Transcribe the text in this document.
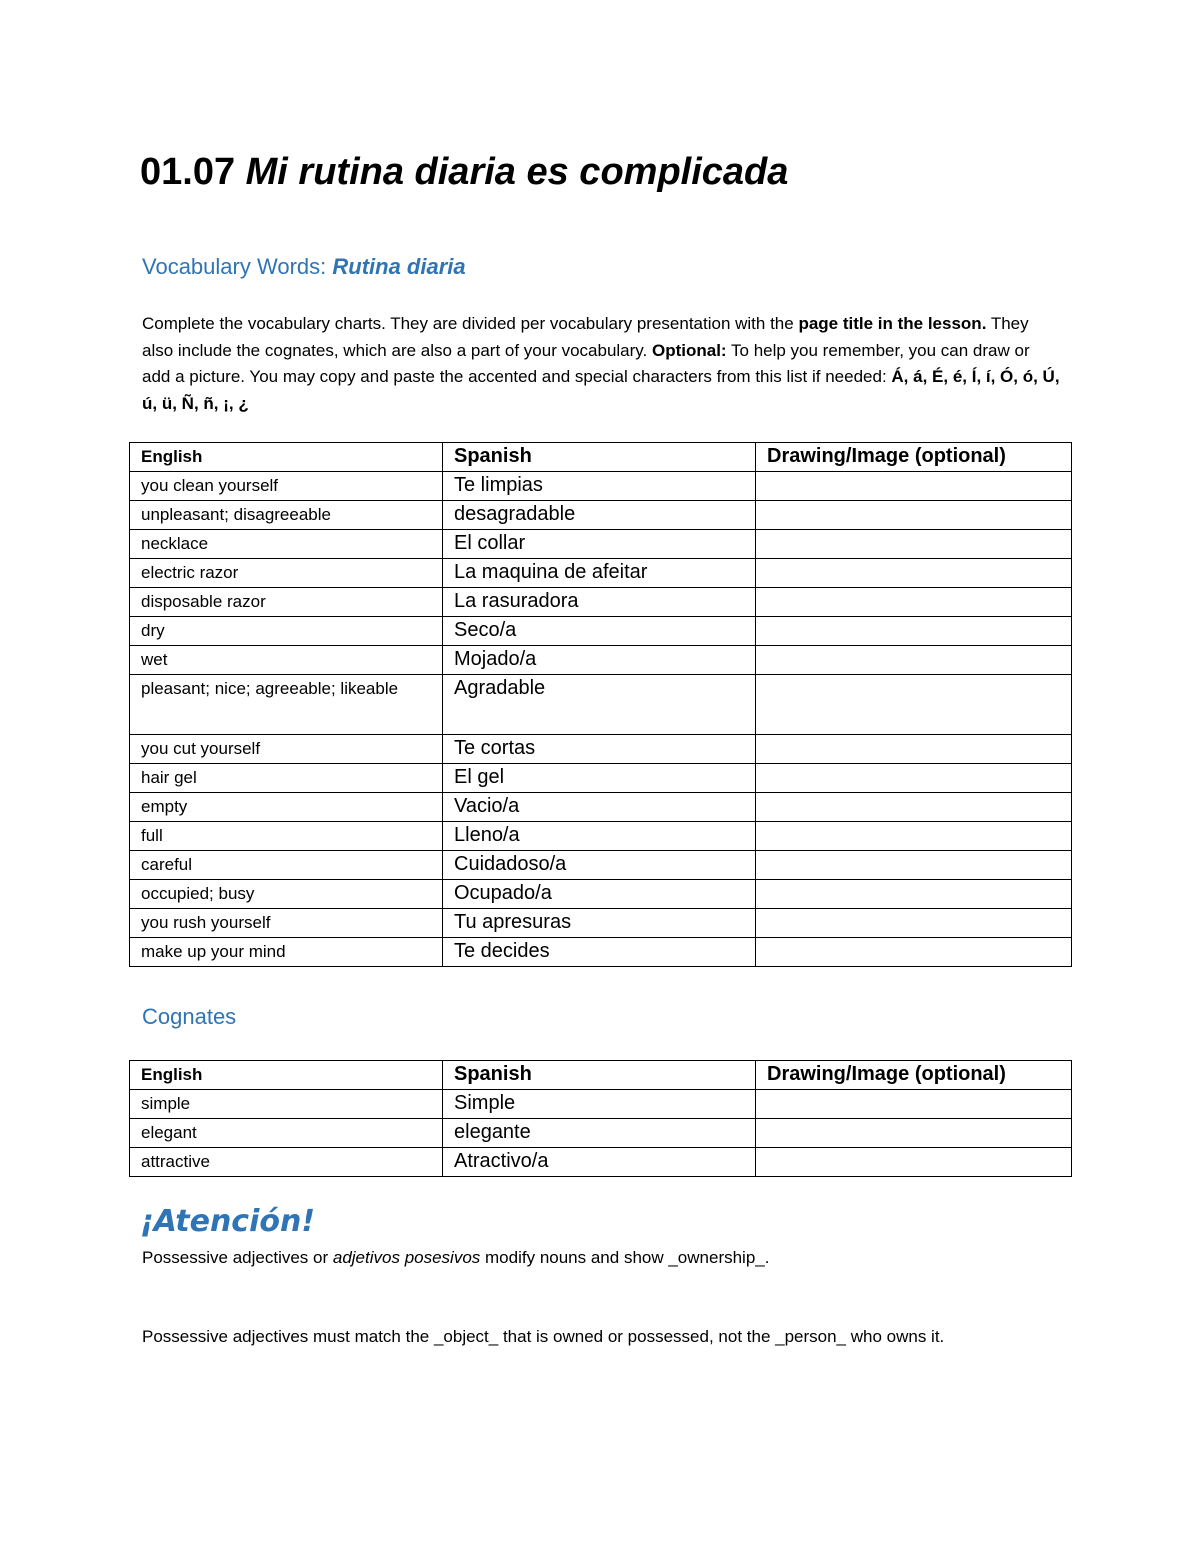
01.07 Mi rutina diaria es complicada
Vocabulary Words: Rutina diaria

Complete the vocabulary charts. They are divided per vocabulary presentation with the page title in the lesson. They also include the cognates, which are also a part of your vocabulary. Optional: To help you remember, you can draw or add a picture. You may copy and paste the accented and special characters from this list if needed: Á, á, É, é, Í, í, Ó, ó, Ú, ú, ü, Ñ, ñ, ¡, ¿

English	Spanish	Drawing/Image (optional)
you clean yourself	Te limpias	
unpleasant; disagreeable	desagradable	
necklace	El collar	
electric razor	La maquina de afeitar	
disposable razor	La rasuradora	
dry	Seco/a	
wet	Mojado/a	
pleasant; nice; agreeable; likeable	Agradable	
you cut yourself	Te cortas	
hair gel	El gel	
empty	Vacio/a	
full	Lleno/a	
careful	Cuidadoso/a	
occupied; busy	Ocupado/a	
you rush yourself	Tu apresuras	
make up your mind	Te decides	
Cognates
English	Spanish	Drawing/Image (optional)
simple	Simple	
elegant	elegante	
attractive	Atractivo/a	
¡Atención!

Possessive adjectives or adjetivos posesivos modify nouns and show _ownership_.

Possessive adjectives must match the _object_ that is owned or possessed, not the _person_ who owns it.
